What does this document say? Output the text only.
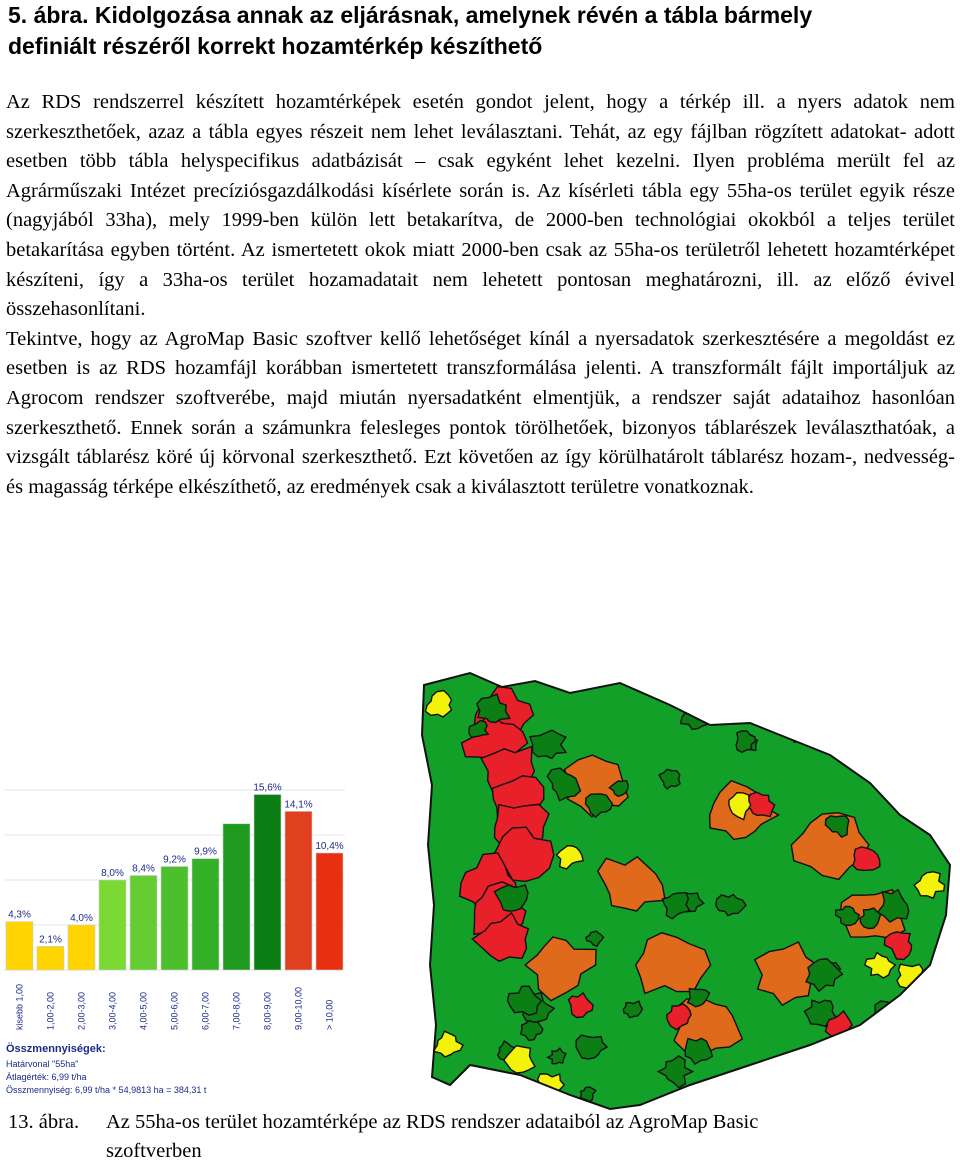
5. ábra. Kidolgozása annak az eljárásnak, amelynek révén a tábla bármely
definiált részéről korrekt hozamtérkép készíthető

Az RDS rendszerrel készített hozamtérképek esetén gondot jelent, hogy a térkép ill. a nyers adatok nem szerkeszthetőek, azaz a tábla egyes részeit nem lehet leválasztani. Tehát, az egy fájlban rögzített adatokat- adott esetben több tábla helyspecifikus adatbázisát – csak egyként lehet kezelni. Ilyen probléma merült fel az Agrárműszaki Intézet precíziósgazdálkodási kísérlete során is. Az kísérleti tábla egy 55ha-os terület egyik része (nagyjából 33ha), mely 1999-ben külön lett betakarítva, de 2000-ben technológiai okokból a teljes terület betakarítása egyben történt. Az ismertetett okok miatt 2000-ben csak az 55ha-os területről lehetett hozamtérképet készíteni, így a 33ha-os terület hozamadatait nem lehetett pontosan meghatározni, ill. az előző évivel összehasonlítani.

Tekintve, hogy az AgroMap Basic szoftver kellő lehetőséget kínál a nyersadatok szerkesztésére a megoldást ez esetben is az RDS hozamfájl korábban ismertetett transzformálása jelenti. A transzformált fájlt importáljuk az Agrocom rendszer szoftverébe, majd miután nyersadatként elmentjük, a rendszer saját adataihoz hasonlóan szerkeszthető. Ennek során a számunkra felesleges pontok törölhetőek, bizonyos táblarészek leválaszthatóak, a vizsgált táblarész köré új körvonal szerkeszthető. Ezt követően az így körülhatárolt táblarész hozam-, nedvesség- és magasság térképe elkészíthető, az eredmények csak a kiválasztott területre vonatkoznak.

4,3%
2,1%
4,0%
8,0% 8,4%
9,2%
9,9%
15,6%
14,1%
10,4%
kisebb 1,00 1,00-2,00 2,00-3,00 3,00-4,00 4,00-5,00 5,00-6,00 6,00-7,00 7,00-8,00 8,00-9,00 9,00-10,00 > 10,00
Összmennyiségek:
Határvonal "55ha"
Átlagérték: 6,99 t/ha
Összmennyiség: 6,99 t/ha * 54,9813 ha = 384,31 t
13. ábra. Az 55ha-os terület hozamtérképe az RDS rendszer adataiból az AgroMap Basic
szoftverben
